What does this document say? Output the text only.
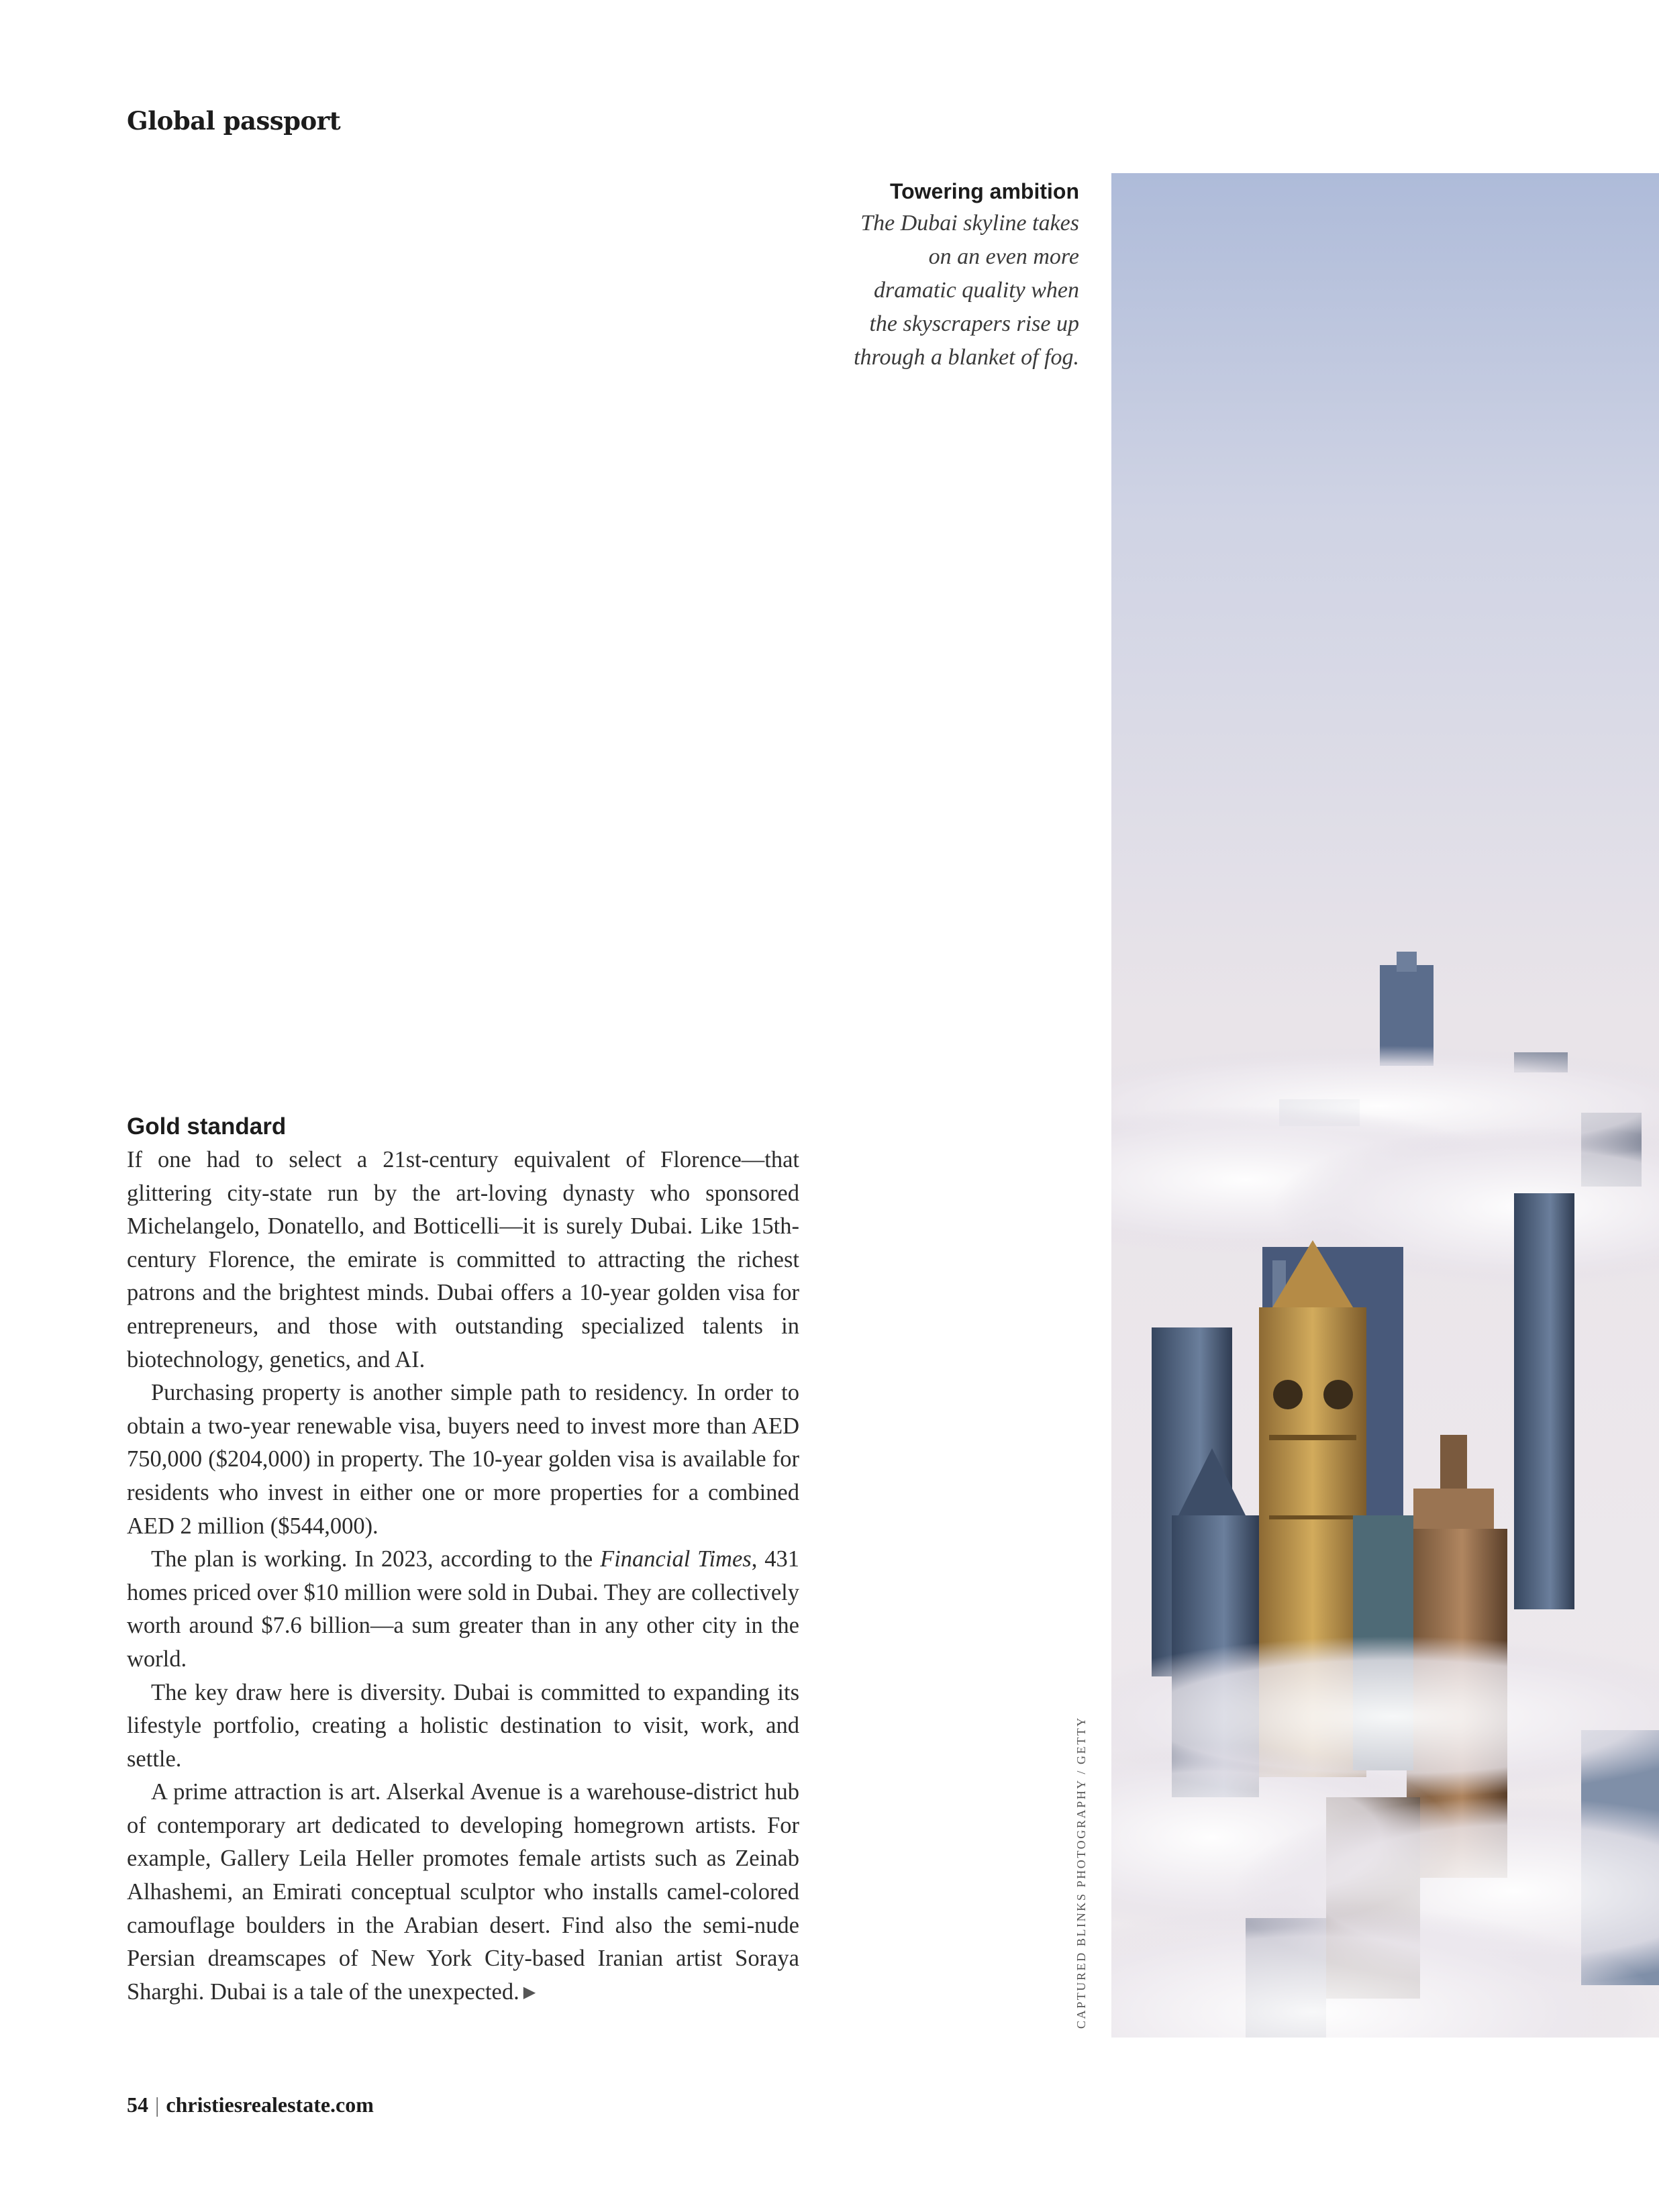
Global passport
Towering ambition
The Dubai skyline takes
on an even more
dramatic quality when
the skyscrapers rise up
through a blanket of fog.
CAPTURED BLINKS PHOTOGRAPHY / GETTY
Gold standard

If one had to select a 21st-century equivalent of Florence—that glittering city-state run by the art-loving dynasty who sponsored Michelangelo, Donatello, and Botticelli—it is surely Dubai. Like 15th-century Florence, the emirate is committed to attracting the richest patrons and the brightest minds. Dubai offers a 10-year golden visa for entrepreneurs, and those with outstanding specialized talents in biotechnology, genetics, and AI.

Purchasing property is another simple path to residency. In order to obtain a two-year renewable visa, buyers need to invest more than AED 750,000 ($204,000) in property. The 10-year golden visa is available for residents who invest in either one or more properties for a combined AED 2 million ($544,000).

The plan is working. In 2023, according to the Financial Times, 431 homes priced over $10 million were sold in Dubai. They are collectively worth around $7.6 billion—a sum greater than in any other city in the world.

The key draw here is diversity. Dubai is committed to expanding its lifestyle portfolio, creating a holistic destination to visit, work, and settle.

A prime attraction is art. Alserkal Avenue is a warehouse-district hub of contemporary art dedicated to developing homegrown artists. For example, Gallery Leila Heller promotes female artists such as Zeinab Alhashemi, an Emirati conceptual sculptor who installs camel-colored camouflage boulders in the Arabian desert. Find also the semi-nude Persian dreamscapes of New York City-based Iranian artist Soraya Sharghi. Dubai is a tale of the unexpected. ▶

54 | christiesrealestate.com
